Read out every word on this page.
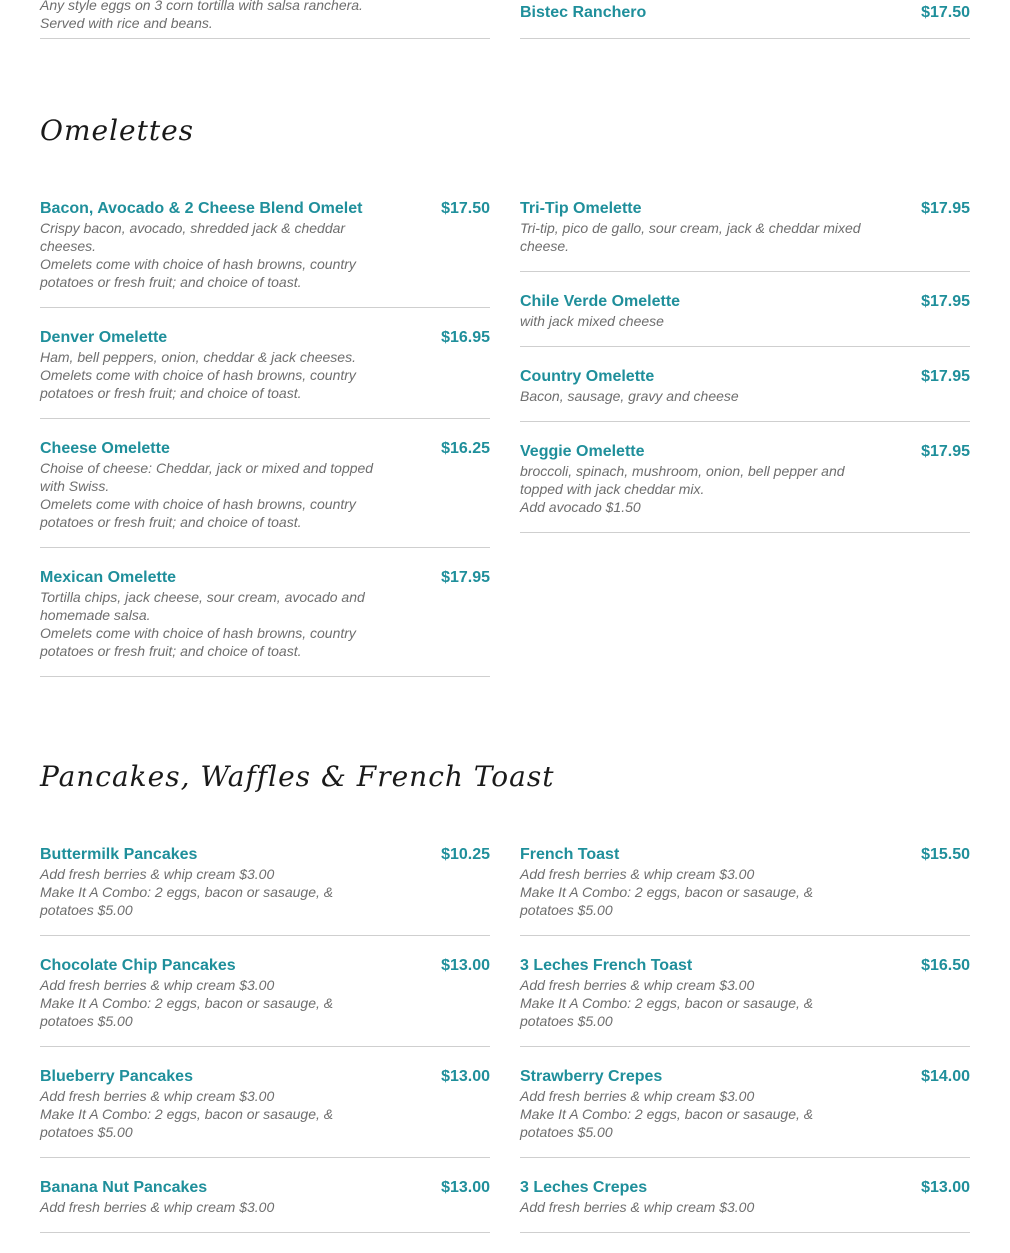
Any style eggs on 3 corn tortilla with salsa ranchera.
Served with rice and beans.
Bistec Ranchero	$17.50
Omelettes
Bacon, Avocado & 2 Cheese Blend Omelet	$17.50
Crispy bacon, avocado, shredded jack & cheddar cheeses.
Omelets come with choice of hash browns, country potatoes or fresh fruit; and choice of toast.
Denver Omelette	$16.95
Ham, bell peppers, onion, cheddar & jack cheeses.
Omelets come with choice of hash browns, country potatoes or fresh fruit; and choice of toast.
Cheese Omelette	$16.25
Choise of cheese: Cheddar, jack or mixed and topped with Swiss.
Omelets come with choice of hash browns, country potatoes or fresh fruit; and choice of toast.
Mexican Omelette	$17.95
Tortilla chips, jack cheese, sour cream, avocado and homemade salsa.
Omelets come with choice of hash browns, country potatoes or fresh fruit; and choice of toast.
Tri-Tip Omelette	$17.95
Tri-tip, pico de gallo, sour cream, jack & cheddar mixed cheese.
Chile Verde Omelette	$17.95
with jack mixed cheese
Country Omelette	$17.95
Bacon, sausage, gravy and cheese
Veggie Omelette	$17.95
broccoli, spinach, mushroom, onion, bell pepper and topped with jack cheddar mix.
Add avocado $1.50
Pancakes, Waffles & French Toast
Buttermilk Pancakes	$10.25
Add fresh berries & whip cream $3.00
Make It A Combo: 2 eggs, bacon or sasauge, & potatoes $5.00
Chocolate Chip Pancakes	$13.00
Add fresh berries & whip cream $3.00
Make It A Combo: 2 eggs, bacon or sasauge, & potatoes $5.00
Blueberry Pancakes	$13.00
Add fresh berries & whip cream $3.00
Make It A Combo: 2 eggs, bacon or sasauge, & potatoes $5.00
Banana Nut Pancakes	$13.00
Add fresh berries & whip cream $3.00
French Toast	$15.50
Add fresh berries & whip cream $3.00
Make It A Combo: 2 eggs, bacon or sasauge, & potatoes $5.00
3 Leches French Toast	$16.50
Add fresh berries & whip cream $3.00
Make It A Combo: 2 eggs, bacon or sasauge, & potatoes $5.00
Strawberry Crepes	$14.00
Add fresh berries & whip cream $3.00
Make It A Combo: 2 eggs, bacon or sasauge, & potatoes $5.00
3 Leches Crepes	$13.00
Add fresh berries & whip cream $3.00
